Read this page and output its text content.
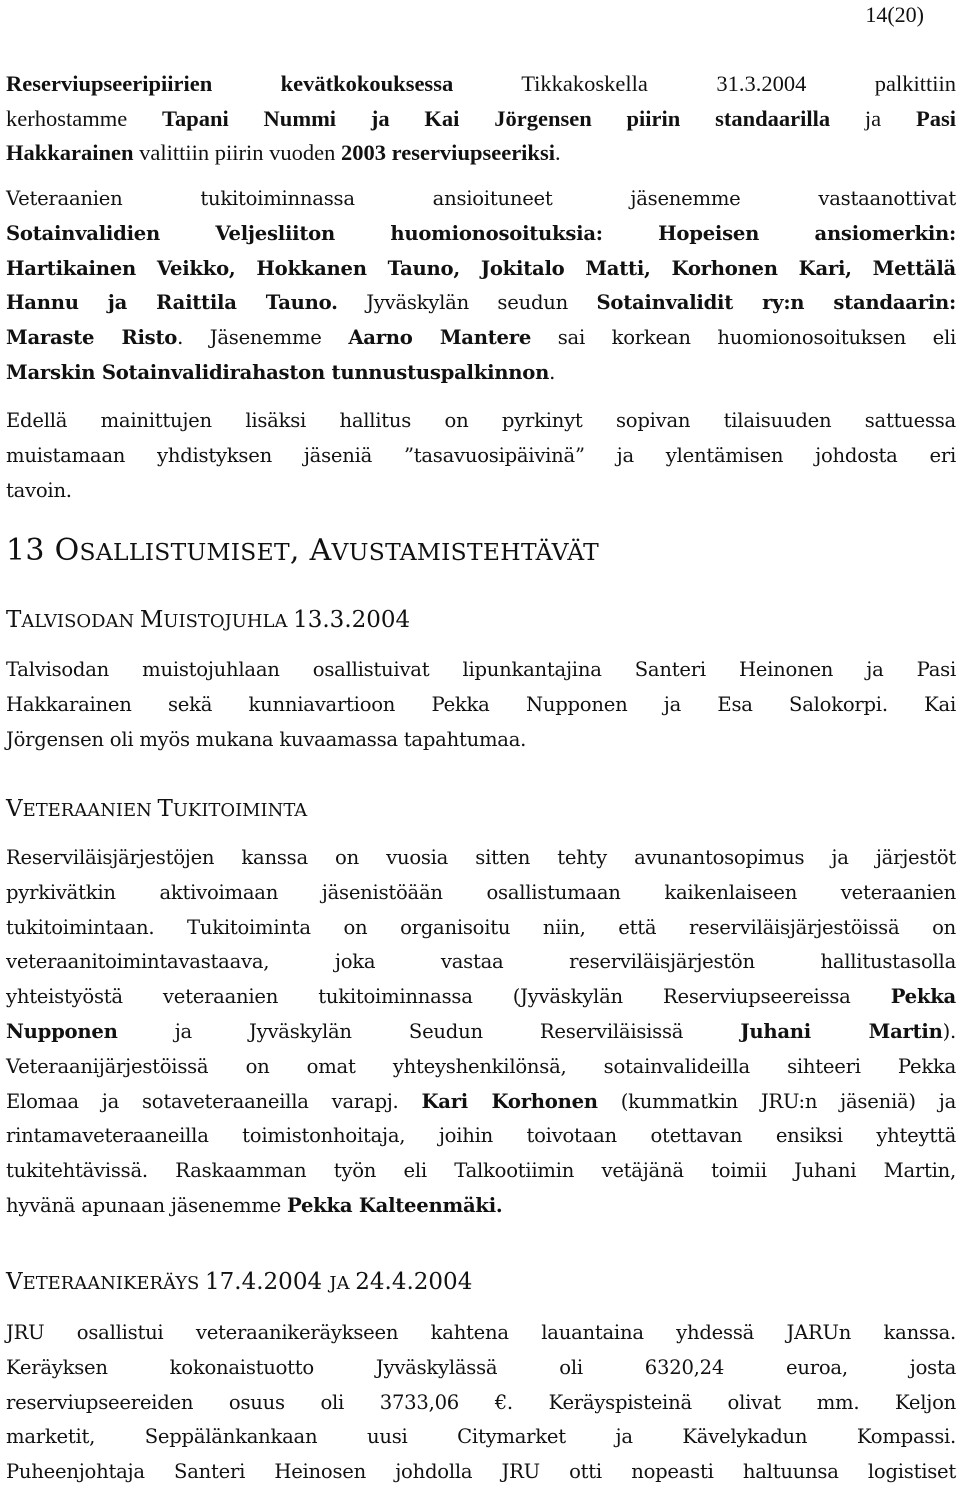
14(20)
Reserviupseeripiirien kevätkokouksessa Tikkakoskella 31.3.2004 palkittiin
kerhostamme Tapani Nummi ja Kai Jörgensen piirin standaarilla ja Pasi
Hakkarainen valittiin piirin vuoden 2003 reserviupseeriksi.
Veteraanien tukitoiminnassa ansioituneet jäsenemme vastaanottivat
Sotainvalidien Veljesliiton huomionosoituksia: Hopeisen ansiomerkin:
Hartikainen Veikko, Hokkanen Tauno, Jokitalo Matti, Korhonen Kari, Mettälä
Hannu ja Raittila Tauno. Jyväskylän seudun Sotainvalidit ry:n standaarin:
Maraste Risto. Jäsenemme Aarno Mantere sai korkean huomionosoituksen eli
Marskin Sotainvalidirahaston tunnustuspalkinnon.
Edellä mainittujen lisäksi hallitus on pyrkinyt sopivan tilaisuuden sattuessa
muistamaan yhdistyksen jäseniä ”tasavuosipäivinä” ja ylentämisen johdosta eri
tavoin.
13 OSALLISTUMISET, AVUSTAMISTEHTÄVÄT
TALVISODAN MUISTOJUHLA 13.3.2004
Talvisodan muistojuhlaan osallistuivat lipunkantajina Santeri Heinonen ja Pasi
Hakkarainen sekä kunniavartioon Pekka Nupponen ja Esa Salokorpi. Kai
Jörgensen oli myös mukana kuvaamassa tapahtumaa.
VETERAANIEN TUKITOIMINTA
Reserviläisjärjestöjen kanssa on vuosia sitten tehty avunantosopimus ja järjestöt
pyrkivätkin aktivoimaan jäsenistöään osallistumaan kaikenlaiseen veteraanien
tukitoimintaan. Tukitoiminta on organisoitu niin, että reserviläisjärjestöissä on
veteraanitoimintavastaava, joka vastaa reserviläisjärjestön hallitustasolla
yhteistyöstä veteraanien tukitoiminnassa (Jyväskylän Reserviupseereissa Pekka
Nupponen ja Jyväskylän Seudun Reserviläisissä Juhani Martin).
Veteraanijärjestöissä on omat yhteyshenkilönsä, sotainvalideilla sihteeri Pekka
Elomaa ja sotaveteraaneilla varapj. Kari Korhonen (kummatkin JRU:n jäseniä) ja
rintamaveteraaneilla toimistonhoitaja, joihin toivotaan otettavan ensiksi yhteyttä
tukitehtävissä. Raskaamman työn eli Talkootiimin vetäjänä toimii Juhani Martin,
hyvänä apunaan jäsenemme Pekka Kalteenmäki.
VETERAANIKERÄYS 17.4.2004 JA 24.4.2004
JRU osallistui veteraanikeräykseen kahtena lauantaina yhdessä JARUn kanssa.
Keräyksen kokonaistuotto Jyväskylässä oli 6320,24 euroa, josta
reserviupseereiden osuus oli 3733,06 €. Keräyspisteinä olivat mm. Keljon
marketit, Seppälänkankaan uusi Citymarket ja Kävelykadun Kompassi.
Puheenjohtaja Santeri Heinosen johdolla JRU otti nopeasti haltuunsa logistiset
